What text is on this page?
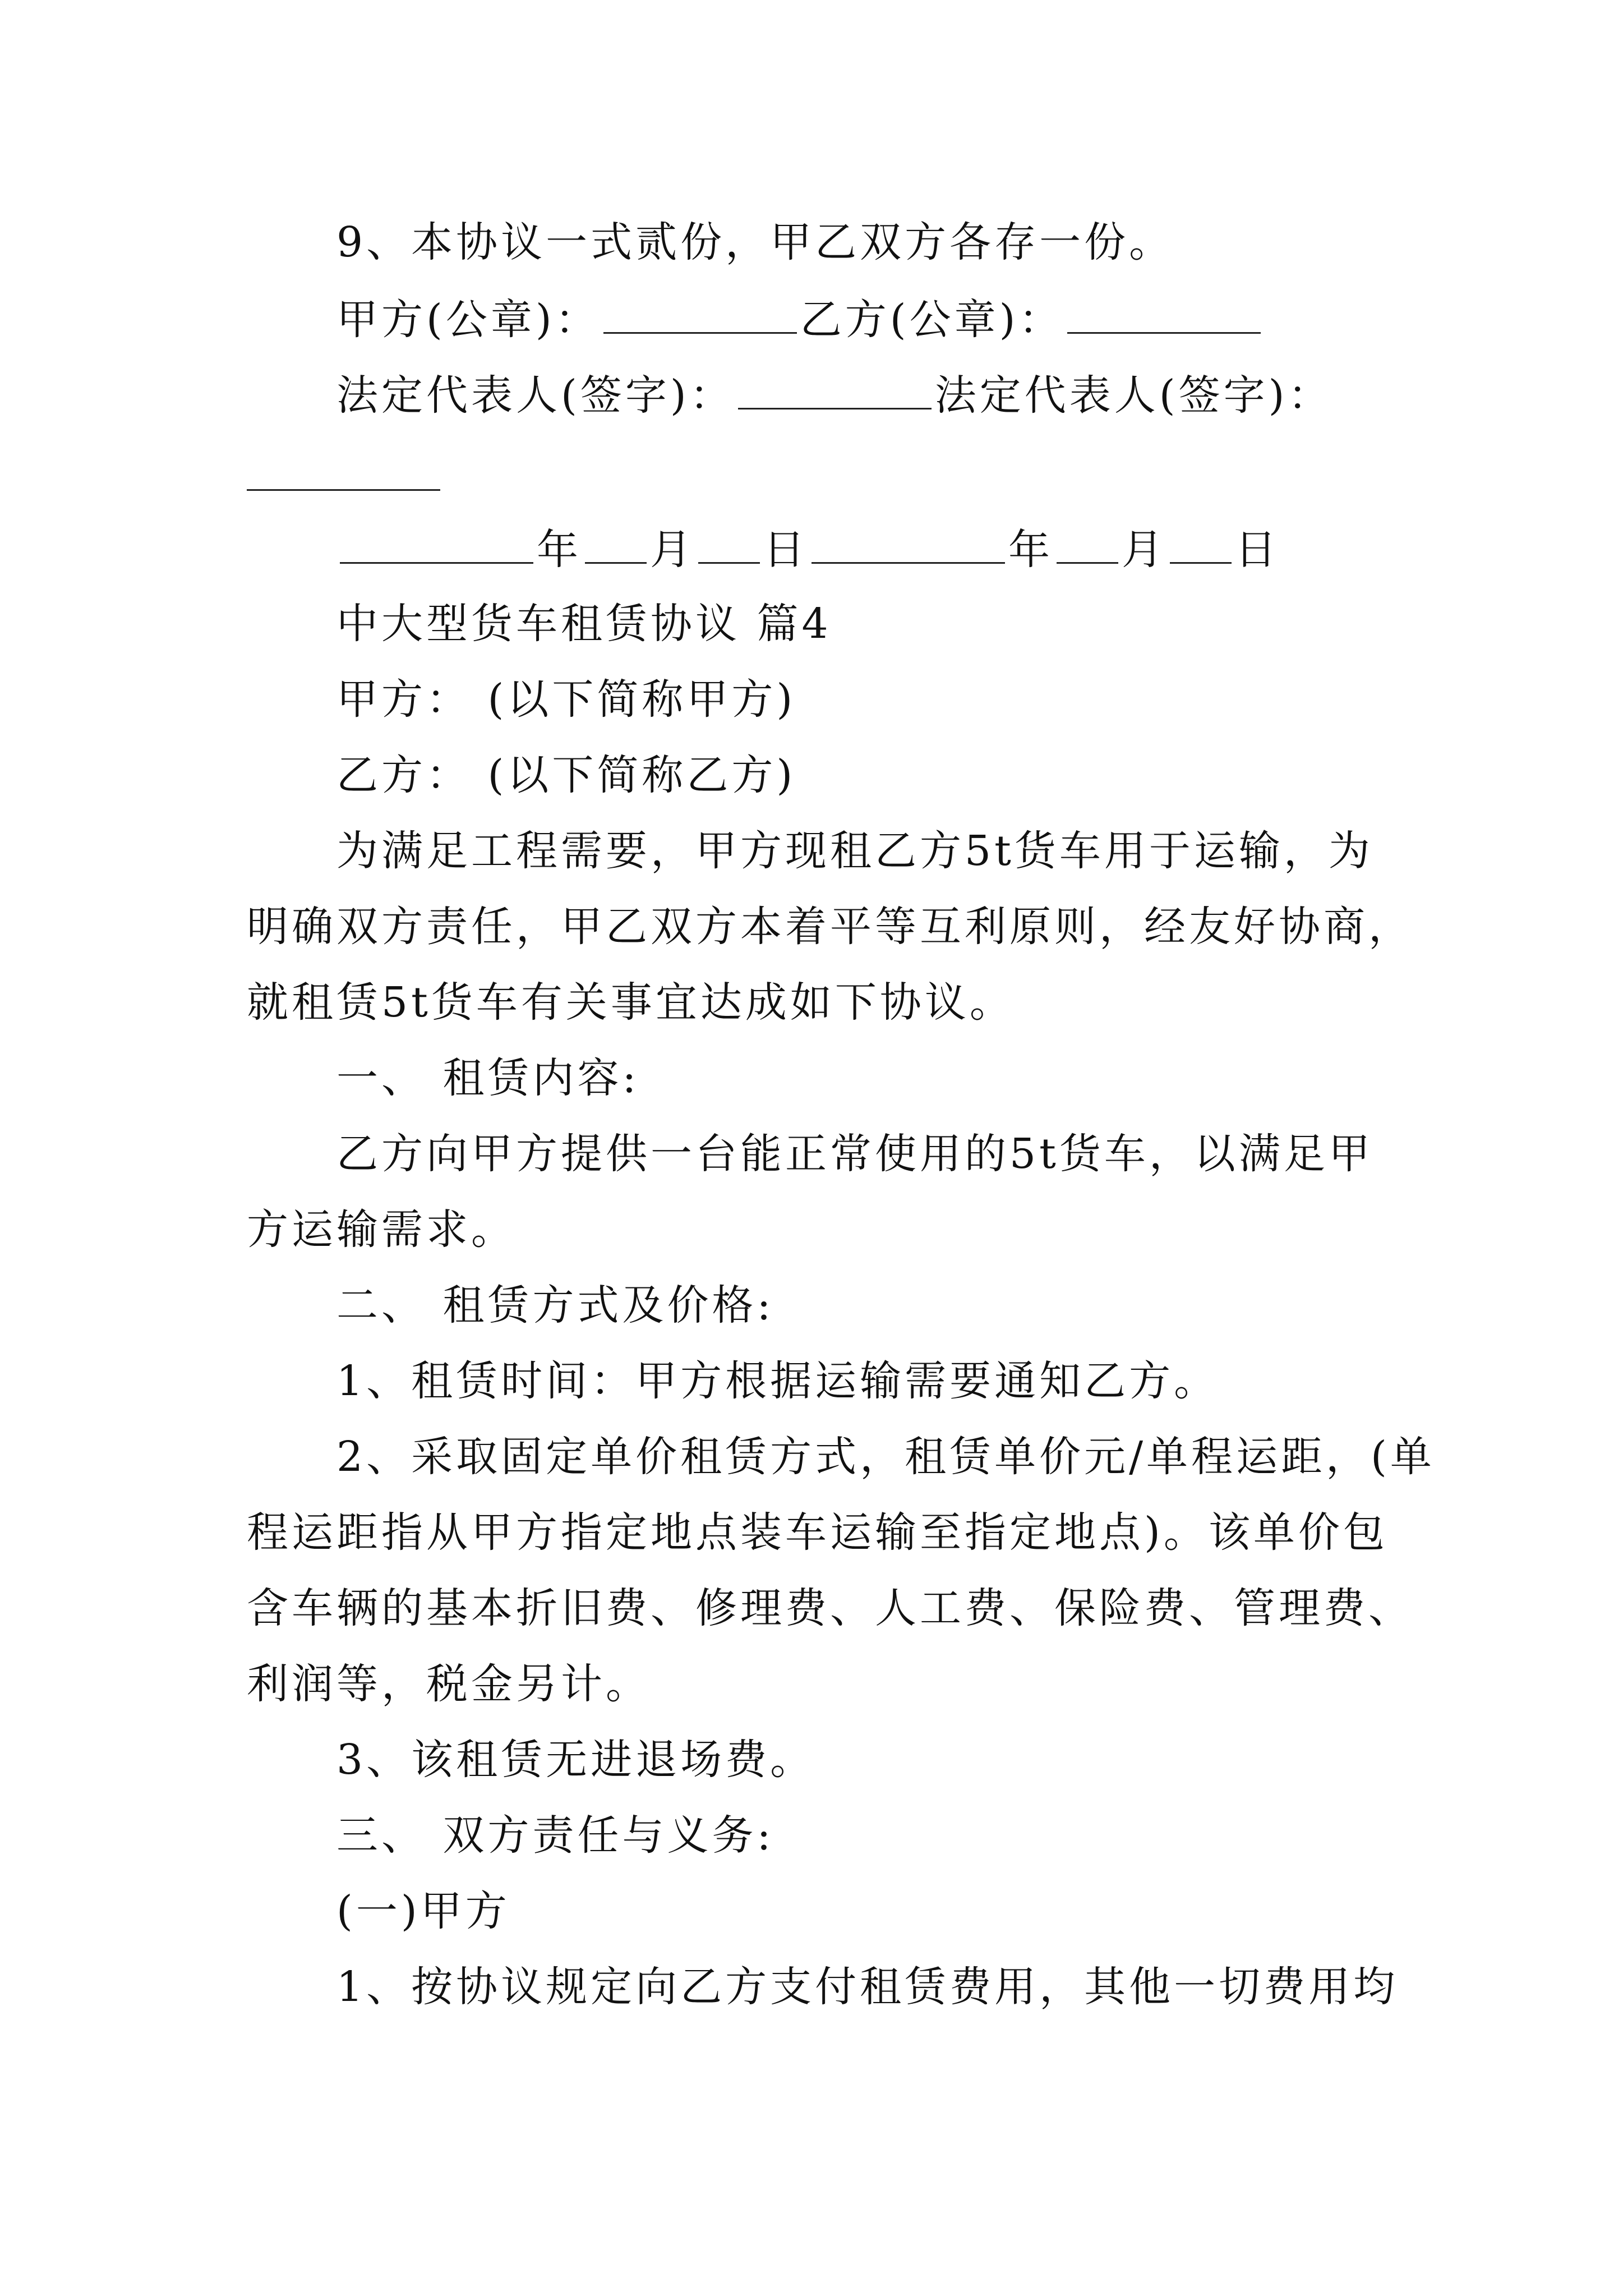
9、本协议一式贰份，甲乙双方各存一份。
甲方(公章)：	乙方(公章)：
法定代表人(签字)：	法定代表人(签字)：
年 月 日	年 月 日
中大型货车租赁协议 篇4
甲方： (以下简称甲方)
乙方： (以下简称乙方)
为满足工程需要，甲方现租乙方5t货车用于运输，为
明确双方责任，甲乙双方本着平等互利原则，经友好协商，
就租赁5t货车有关事宜达成如下协议。
一、 租赁内容:
乙方向甲方提供一台能正常使用的5t货车，以满足甲
方运输需求。
二、 租赁方式及价格:
1、租赁时间：甲方根据运输需要通知乙方。
2、采取固定单价租赁方式，租赁单价元/单程运距，(单
程运距指从甲方指定地点装车运输至指定地点)。该单价包
含车辆的基本折旧费、修理费、人工费、保险费、管理费、
利润等，税金另计。
3、该租赁无进退场费。
三、 双方责任与义务:
(一)甲方
1、按协议规定向乙方支付租赁费用，其他一切费用均
